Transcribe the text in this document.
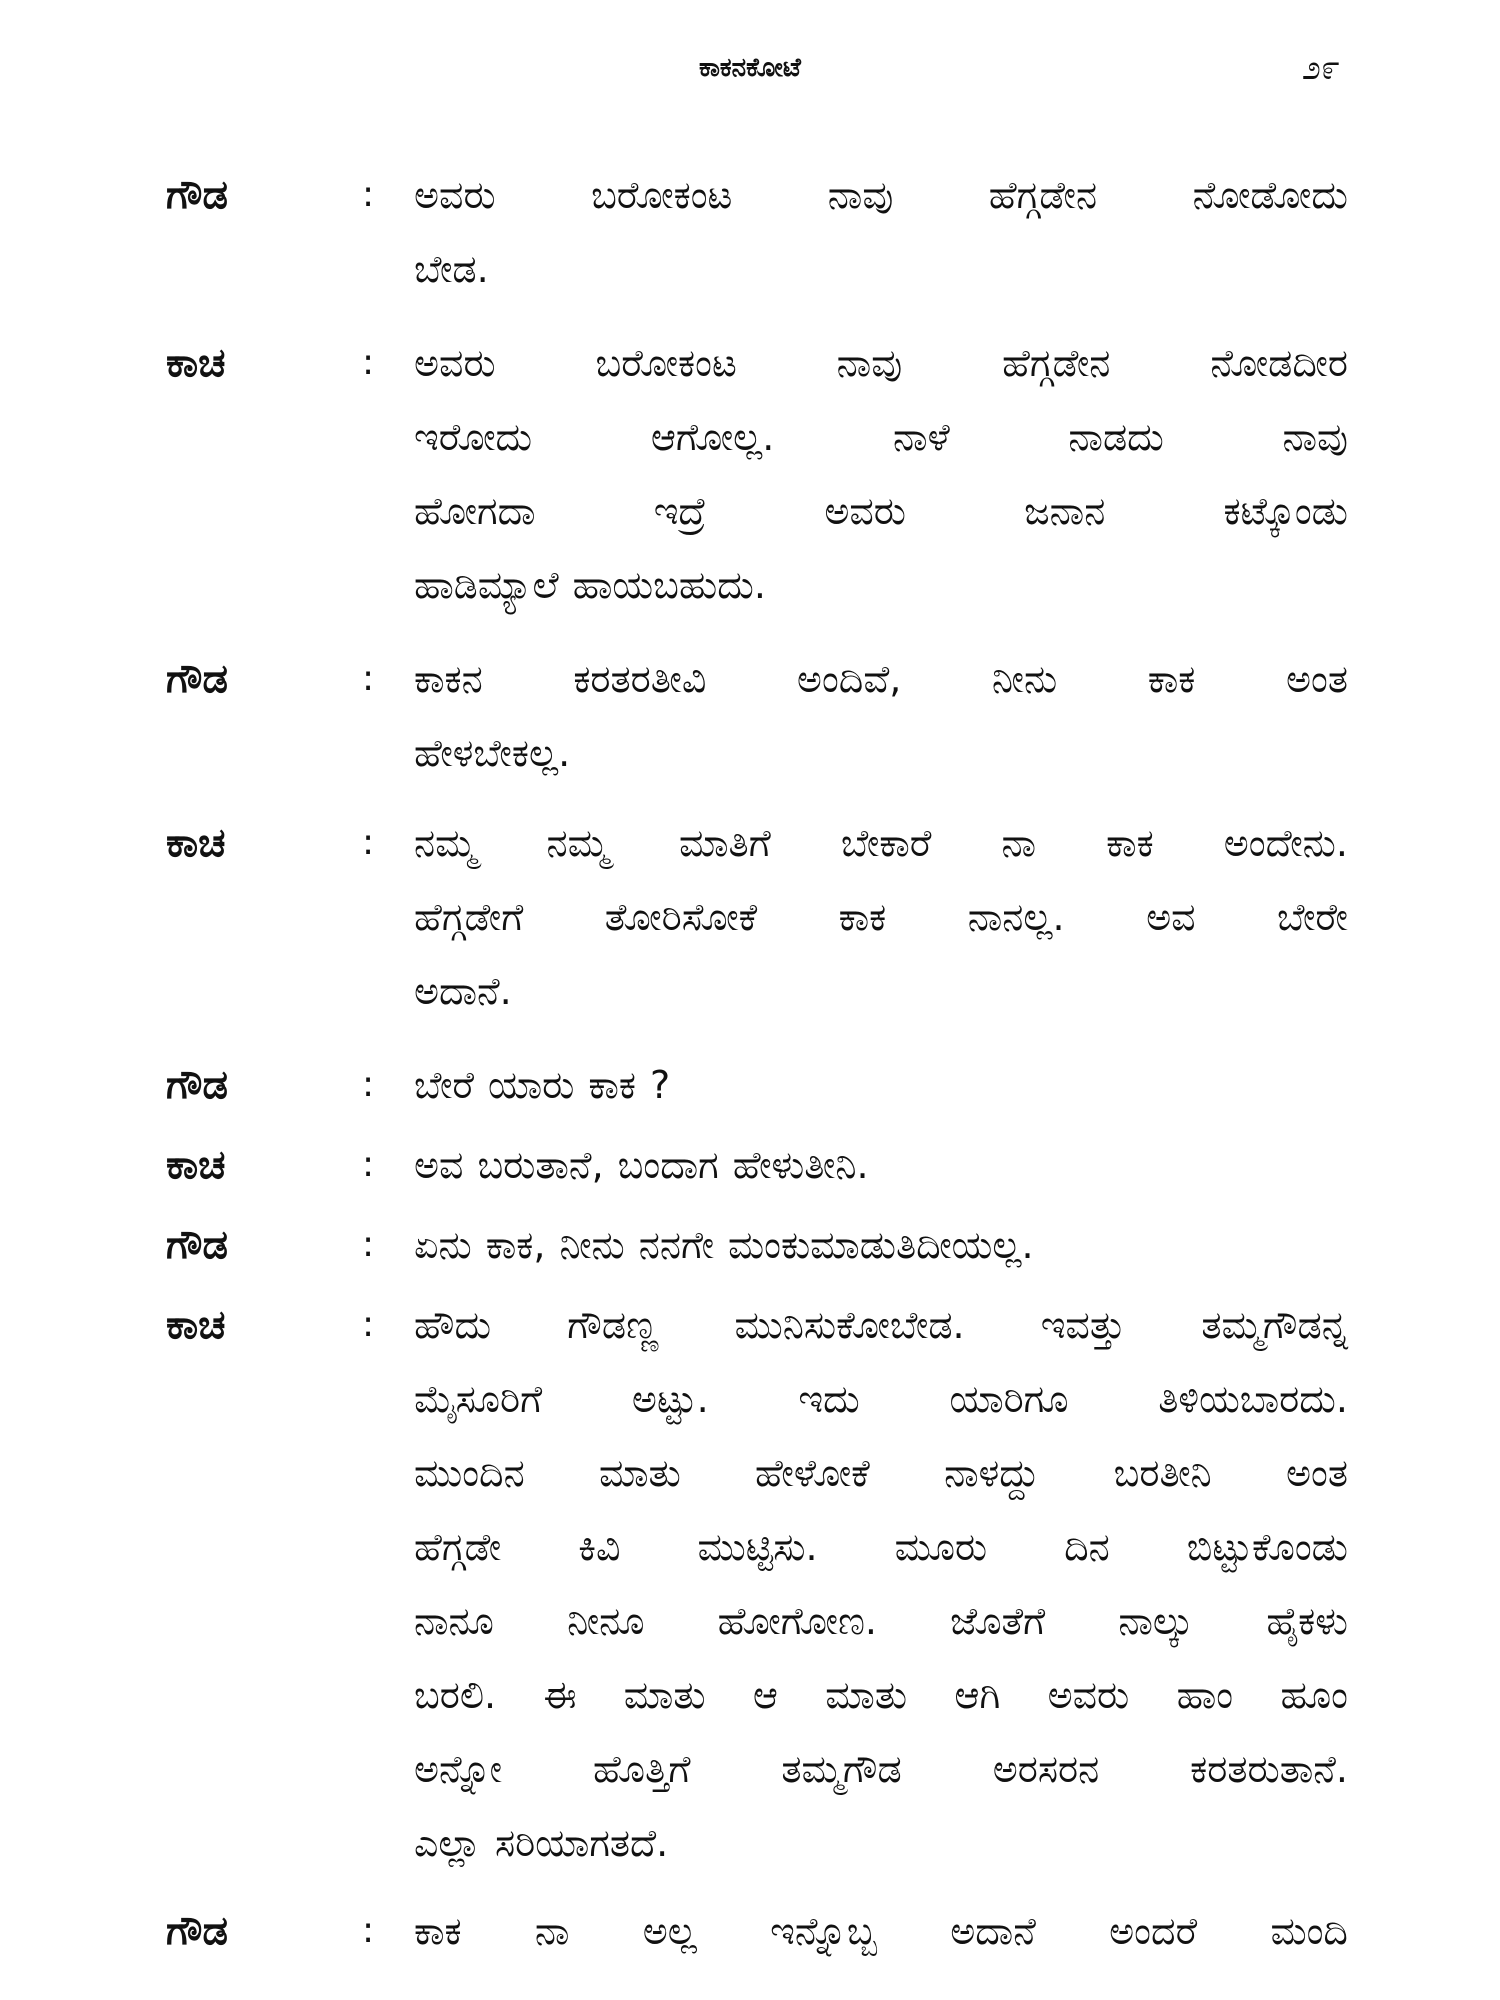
ಕಾಕನಕೋಟೆ	೨೯
ಗೌಡ	:	ಅವರು	ಬರೋಕಂಟ	ನಾವು	ಹೆಗ್ಗಡೇನ	ನೋಡೋದು
ಬೇಡ.
ಕಾಚ	:	ಅವರು	ಬರೋಕಂಟ	ನಾವು	ಹೆಗ್ಗಡೇನ	ನೋಡದೀರ
ಇರೋದು	ಆಗೋಲ್ಲ.	ನಾಳೆ	ನಾಡದು	ನಾವು
ಹೋಗದಾ	ಇದ್ರೆ	ಅವರು	ಜನಾನ	ಕಟ್ಕೊಂಡು
ಹಾಡಿಮ್ಯಾಲೆ ಹಾಯಬಹುದು.
ಗೌಡ	:	ಕಾಕನ ಕರತರತೀವಿ ಅಂದಿವೆ, ನೀನು ಕಾಕ ಅಂತ
ಹೇಳಬೇಕಲ್ಲ.
ಕಾಚ	:	ನಮ್ಮ ನಮ್ಮ ಮಾತಿಗೆ ಬೇಕಾರೆ ನಾ ಕಾಕ ಅಂದೇನು.
ಹೆಗ್ಗಡೇಗೆ ತೋರಿಸೋಕೆ ಕಾಕ ನಾನಲ್ಲ. ಅವ ಬೇರೇ
ಅದಾನೆ.
ಗೌಡ	:	ಬೇರೆ ಯಾರು ಕಾಕ ?
ಕಾಚ	:	ಅವ ಬರುತಾನೆ, ಬಂದಾಗ ಹೇಳುತೀನಿ.
ಗೌಡ	:	ಏನು ಕಾಕ, ನೀನು ನನಗೇ ಮಂಕುಮಾಡುತಿದೀಯಲ್ಲ.
ಕಾಚ	:	ಹೌದು ಗೌಡಣ್ಣ ಮುನಿಸುಕೋಬೇಡ. ಇವತ್ತು ತಮ್ಮಗೌಡನ್ನ
ಮೈಸೂರಿಗೆ ಅಟ್ಟು. ಇದು ಯಾರಿಗೂ ತಿಳಿಯಬಾರದು.
ಮುಂದಿನ ಮಾತು ಹೇಳೋಕೆ ನಾಳದ್ದು ಬರತೀನಿ ಅಂತ
ಹೆಗ್ಗಡೇ ಕಿವಿ ಮುಟ್ಟಿಸು. ಮೂರು ದಿನ ಬಿಟ್ಟುಕೊಂಡು
ನಾನೂ ನೀನೂ ಹೋಗೋಣ. ಜೊತೆಗೆ ನಾಲ್ಕು ಹೈಕಳು
ಬರಲಿ. ಈ ಮಾತು ಆ ಮಾತು ಆಗಿ ಅವರು ಹಾಂ ಹೂಂ
ಅನ್ನೋ ಹೊತ್ತಿಗೆ ತಮ್ಮಗೌಡ ಅರಸರನ ಕರತರುತಾನೆ.
ಎಲ್ಲಾ ಸರಿಯಾಗತದೆ.
ಗೌಡ	:	ಕಾಕ ನಾ ಅಲ್ಲ ಇನ್ನೊಬ್ಬ ಅದಾನೆ ಅಂದರೆ ಮಂದಿ
